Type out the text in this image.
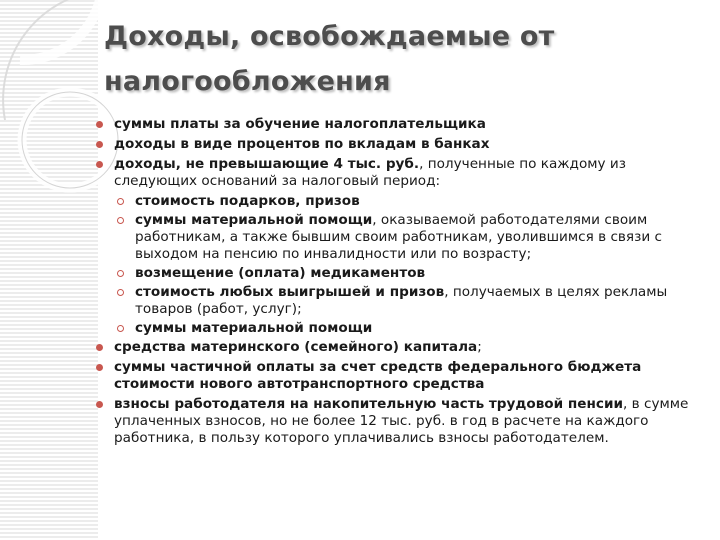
Доходы, освобождаемые от налогообложения
суммы платы за обучение налогоплательщика
доходы в виде процентов по вкладам в банках
доходы, не превышающие 4 тыс. руб., полученные по каждому из следующих оснований за налоговый период:
стоимость подарков, призов
суммы материальной помощи, оказываемой работодателями своим работникам, а также бывшим своим работникам, уволившимся в связи с выходом на пенсию по инвалидности или по возрасту;
возмещение (оплата) медикаментов
стоимость любых выигрышей и призов, получаемых в целях рекламы товаров (работ, услуг);
суммы материальной помощи
средства материнского (семейного) капитала;
суммы частичной оплаты за счет средств федерального бюджета стоимости нового автотранспортного средства
взносы работодателя на накопительную часть трудовой пенсии, в сумме уплаченных взносов, но не более 12 тыс. руб. в год в расчете на каждого работника, в пользу которого уплачивались взносы работодателем.
